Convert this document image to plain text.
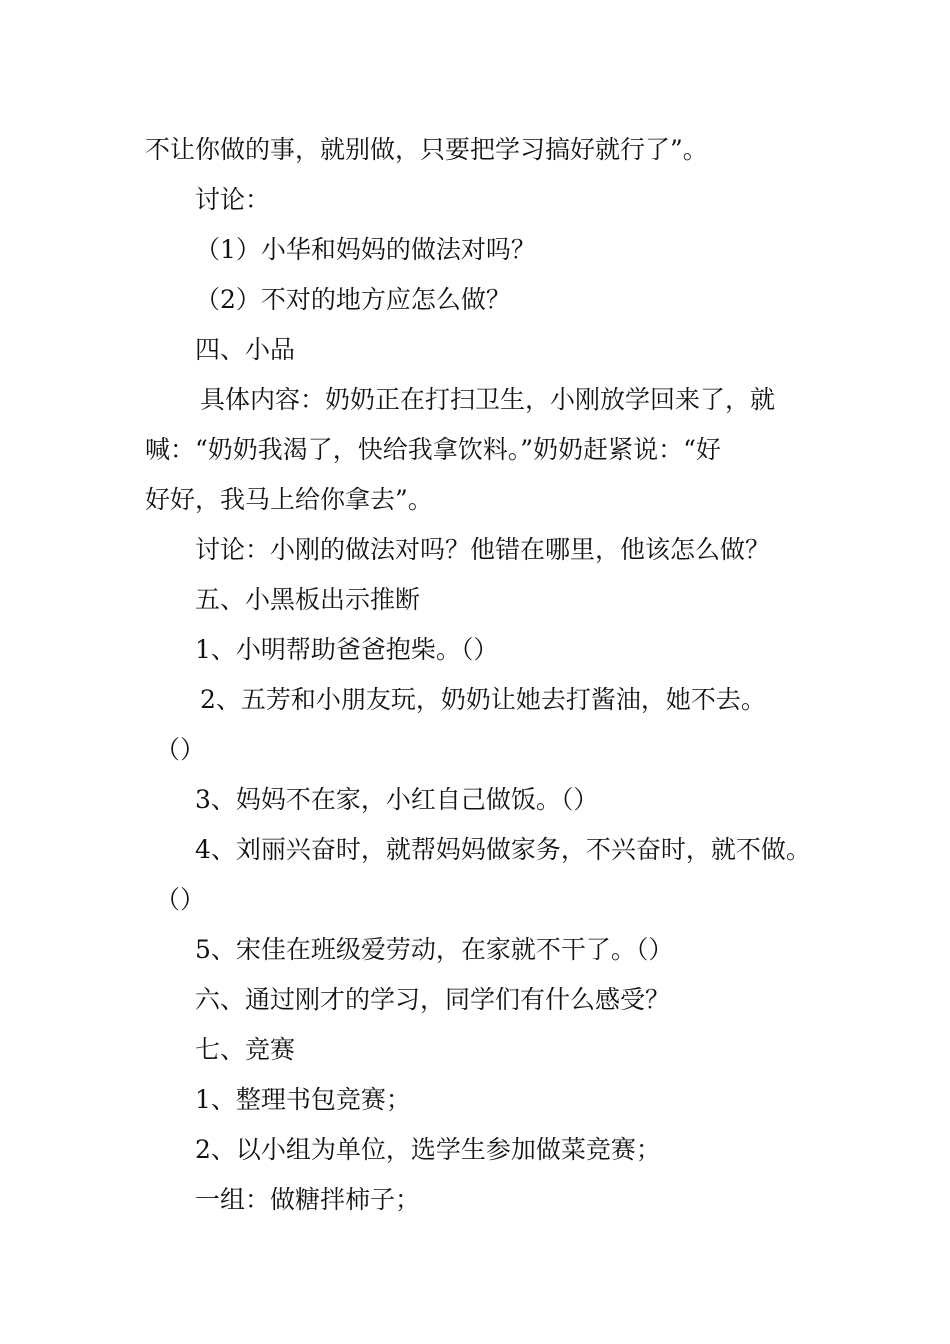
不让你做的事，就别做，只要把学习搞好就行了”。
讨论：
（1）小华和妈妈的做法对吗？
（2）不对的地方应怎么做？
四、小品
具体内容：奶奶正在打扫卫生，小刚放学回来了，就
喊：“奶奶我渴了，快给我拿饮料。”奶奶赶紧说：“好
好好，我马上给你拿去”。
讨论：小刚的做法对吗？他错在哪里，他该怎么做？
五、小黑板出示推断
1、小明帮助爸爸抱柴。（）
2、五芳和小朋友玩，奶奶让她去打酱油，她不去。
（）
3、妈妈不在家，小红自己做饭。（）
4、刘丽兴奋时，就帮妈妈做家务，不兴奋时，就不做。
（）
5、宋佳在班级爱劳动，在家就不干了。（）
六、通过刚才的学习，同学们有什么感受？
七、竞赛
1、整理书包竞赛；
2、以小组为单位，选学生参加做菜竞赛；
一组：做糖拌柿子；
